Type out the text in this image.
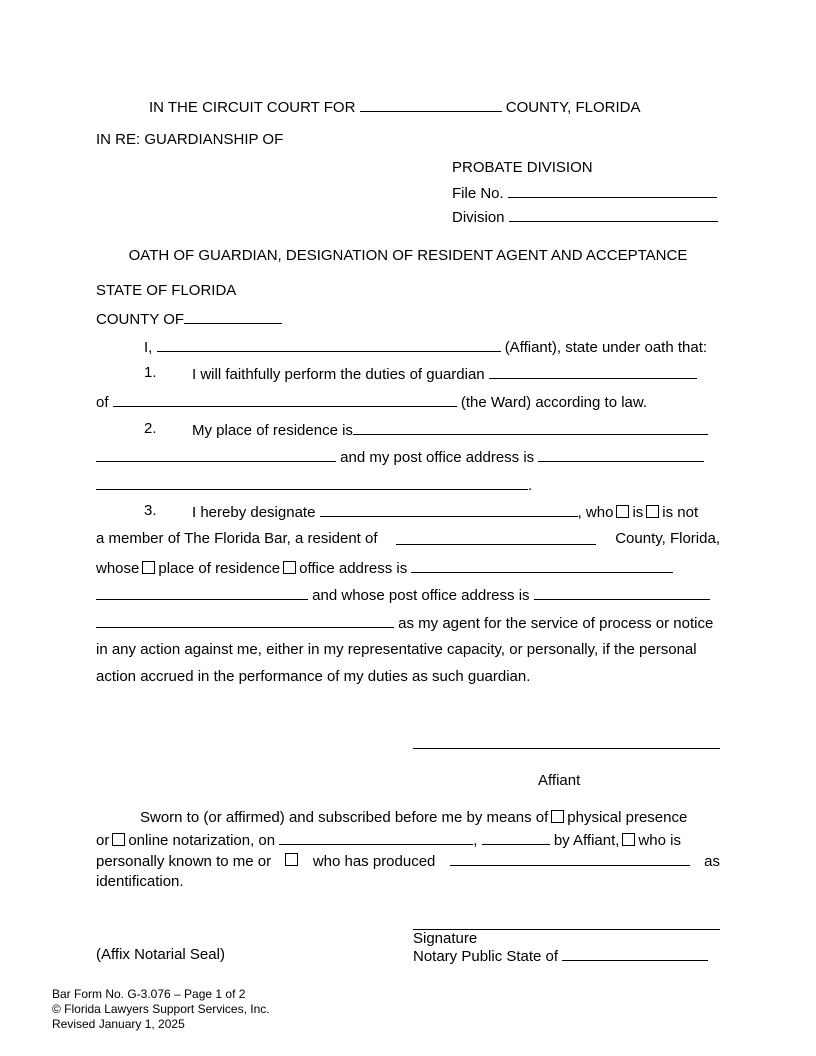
IN THE CIRCUIT COURT FOR	COUNTY, FLORIDA
IN RE: GUARDIANSHIP OF
PROBATE DIVISION
File No.
Division
OATH OF GUARDIAN, DESIGNATION OF RESIDENT AGENT AND ACCEPTANCE
STATE OF FLORIDA
COUNTY OF
I,	(Affiant), state under oath that:
1. I will faithfully perform the duties of guardian
of	(the Ward) according to law.
2. My place of residence is
and my post office address is
.
3. I hereby designate	, who is is not
a member of The Florida Bar, a resident of	County, Florida,
whose place of residence office address is
and whose post office address is
as my agent for the service of process or notice
in any action against me, either in my representative capacity, or personally, if the personal
action accrued in the performance of my duties as such guardian.
Affiant
Sworn to (or affirmed) and subscribed before me by means of physical presence
or online notarization, on	,	by Affiant, who is
personally known to me or	who has produced	as
identification.
Signature
(Affix Notarial Seal)	Notary Public State of
Bar Form No. G-3.076 – Page 1 of 2
© Florida Lawyers Support Services, Inc.
Revised January 1, 2025
